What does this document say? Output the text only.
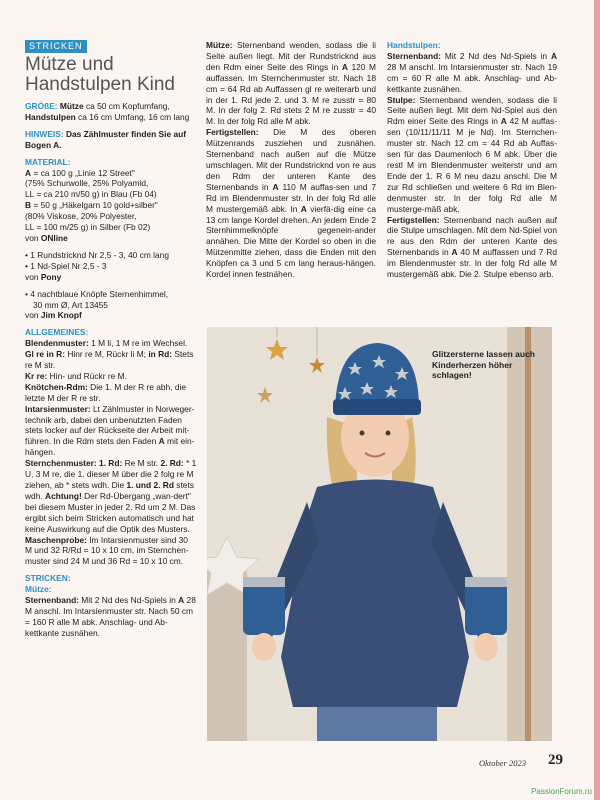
STRICKEN
Mütze und
Handstulpen Kind

GRÖßE: Mütze ca 50 cm Kopfumfang, Handstulpen ca 16 cm Umfang, 16 cm lang

HINWEIS: Das Zählmuster finden Sie auf Bogen A.

MATERIAL:

A = ca 100 g „Linie 12 Street"

(75% Schurwolle, 25% Polyamid,

LL = ca 210 m/50 g) in Blau (Fb 04)

B = 50 g „Häkelgarn 10 gold+silber"

(80% Viskose, 20% Polyester,

LL = 100 m/25 g) in Silber (Fb 02)

von ONline

• 1 Rundstricknd Nr 2,5 - 3, 40 cm lang

• 1 Nd-Spiel Nr 2,5 - 3

von Pony

• 4 nachtblaue Knöpfe Sternenhimmel,

30 mm Ø, Art 13455

von Jim Knopf

ALLGEMEINES:

Blendenmuster: 1 M li, 1 M re im Wechsel.

Gl re in R: Hinr re M, Rückr li M; in Rd: Stets re M str.

Kr re: Hin- und Rückr re M.

Knötchen-Rdm: Die 1. M der R re abh, die letzte M der R re str.

Intarsienmuster: Lt Zählmuster in Norweger-technik arb, dabei den unbenutzten Faden stets locker auf der Rückseite der Arbeit mit-führen. In die Rdm stets den Faden A mit ein-hängen.

Sternchenmuster: 1. Rd: Re M str. 2. Rd: * 1 U, 3 M re, die 1. dieser M über die 2 folg re M ziehen, ab * stets wdh. Die 1. und 2. Rd stets wdh. Achtung! Der Rd-Übergang „wan-dert" bei diesem Muster in jeder 2. Rd um 2 M. Das ergibt sich beim Stricken automatisch und hat keine Auswirkung auf die Optik des Musters.

Maschenprobe: Im Intarsienmuster sind 30 M und 32 R/Rd = 10 x 10 cm, im Sternchen-muster sind 24 M und 36 Rd = 10 x 10 cm.

STRICKEN:

Mütze:

Sternenband: Mit 2 Nd des Nd-Spiels in A 28 M anschl. Im Intarsienmuster str. Nach 50 cm = 160 R alle M abk. Anschlag- und Ab-kettkante zusnähen.

Mütze: Sternenband wenden, sodass die li Seite außen liegt. Mit der Rundstricknd aus den Rdm einer Seite des Rings in A 120 M auffassen. Im Sternchenmuster str. Nach 18 cm = 64 Rd ab Auffassen gl re weiterarb und in der 1. Rd jede 2. und 3. M re zusstr = 80 M. In der folg 2. Rd stets 2 M re zusstr = 40 M. In der folg Rd alle M abk.

Fertigstellen: Die M des oberen Mützenrands zusziehen und zusnähen. Sternenband nach außen auf die Mütze umschlagen. Mit der Rundstricknd von re aus den Rdm der unteren Kante des Sternenbands in A 110 M auffas-sen und 7 Rd im Blendenmuster str. In der folg Rd alle M mustergemäß abk. In A vierfä-dig eine ca 13 cm lange Kordel drehen. An jedem Ende 2 Sternhimmelknöpfe gegenein-ander annähen. Die Mitte der Kordel so oben in die Mützenmitte ziehen, dass die Enden mit den Knöpfen ca 3 und 5 cm lang heraus-hängen. Kordel innen festnähen.

Handstulpen:

Sternenband: Mit 2 Nd des Nd-Spiels in A 28 M anschl. Im Intarsienmuster str. Nach 19 cm = 60 R alle M abk. Anschlag- und Ab-kettkante zusnähen.

Stulpe: Sternenband wenden, sodass die li Seite außen liegt. Mit dem Nd-Spiel aus den Rdm einer Seite des Rings in A 42 M auffas-sen (10/11/11/11 M je Nd). Im Sternchen-muster str. Nach 12 cm = 44 Rd ab Auffas-sen für das Daumenloch 6 M abk. Über die restl M im Blendenmuster weiterstr und am Ende der 1. R 6 M neu dazu anschl. Die M zur Rd schließen und weitere 6 Rd im Blen-denmuster str. In der folg Rd alle M musterge-mäß abk.

Fertigstellen: Sternenband nach außen auf die Stulpe umschlagen. Mit dem Nd-Spiel von re aus den Rdm der unteren Kante des Sternenbands in A 40 M auffassen und 7 Rd im Blendenmuster str. In der folg Rd alle M mustergemäß abk. Die 2. Stulpe ebenso arb.

Glitzersterne lassen auch Kinderherzen höher schlagen!
Oktober 2023 29
PassionForum.ru
